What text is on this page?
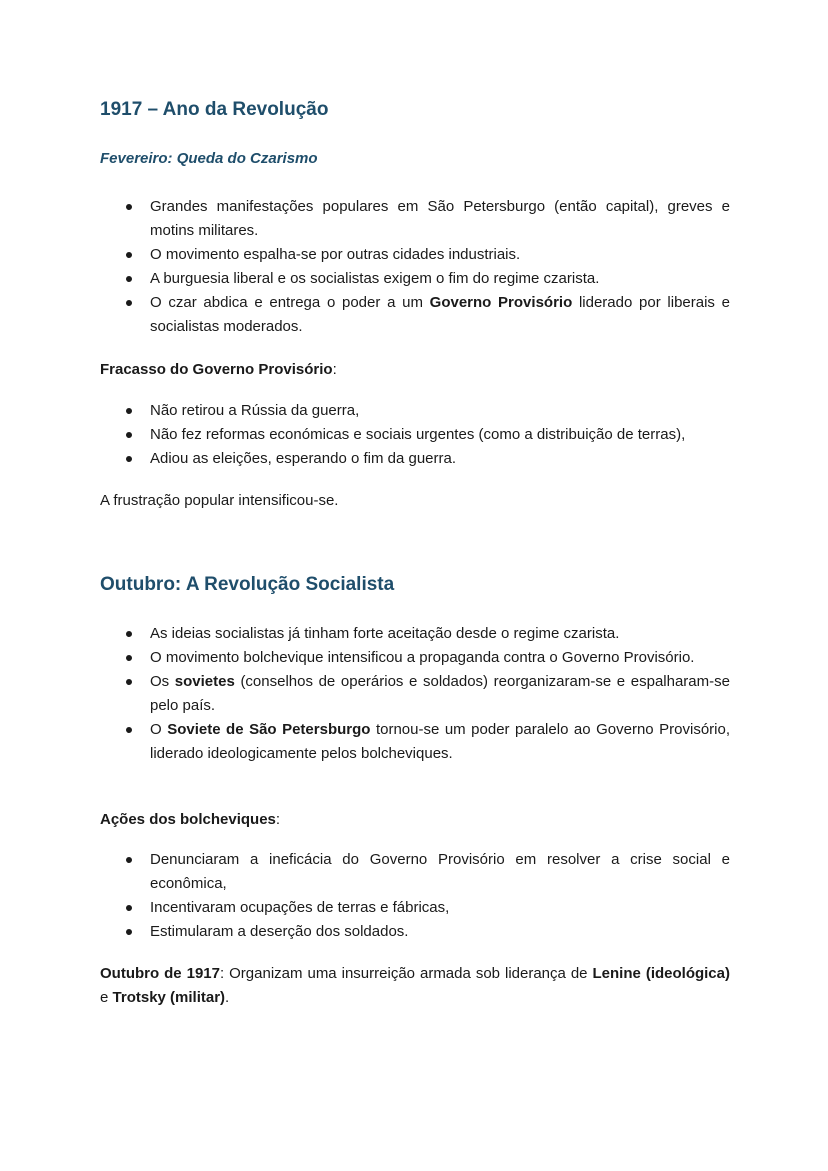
1917 – Ano da Revolução
Fevereiro: Queda do Czarismo
Grandes manifestações populares em São Petersburgo (então capital), greves e motins militares.
O movimento espalha-se por outras cidades industriais.
A burguesia liberal e os socialistas exigem o fim do regime czarista.
O czar abdica e entrega o poder a um Governo Provisório liderado por liberais e socialistas moderados.

Fracasso do Governo Provisório:

Não retirou a Rússia da guerra,
Não fez reformas económicas e sociais urgentes (como a distribuição de terras),
Adiou as eleições, esperando o fim da guerra.

A frustração popular intensificou-se.

Outubro: A Revolução Socialista
As ideias socialistas já tinham forte aceitação desde o regime czarista.
O movimento bolchevique intensificou a propaganda contra o Governo Provisório.
Os sovietes (conselhos de operários e soldados) reorganizaram-se e espalharam-se pelo país.
O Soviete de São Petersburgo tornou-se um poder paralelo ao Governo Provisório, liderado ideologicamente pelos bolcheviques.

Ações dos bolcheviques:

Denunciaram a ineficácia do Governo Provisório em resolver a crise social e econômica,
Incentivaram ocupações de terras e fábricas,
Estimularam a deserção dos soldados.

Outubro de 1917: Organizam uma insurreição armada sob liderança de Lenine (ideológica) e Trotsky (militar).
